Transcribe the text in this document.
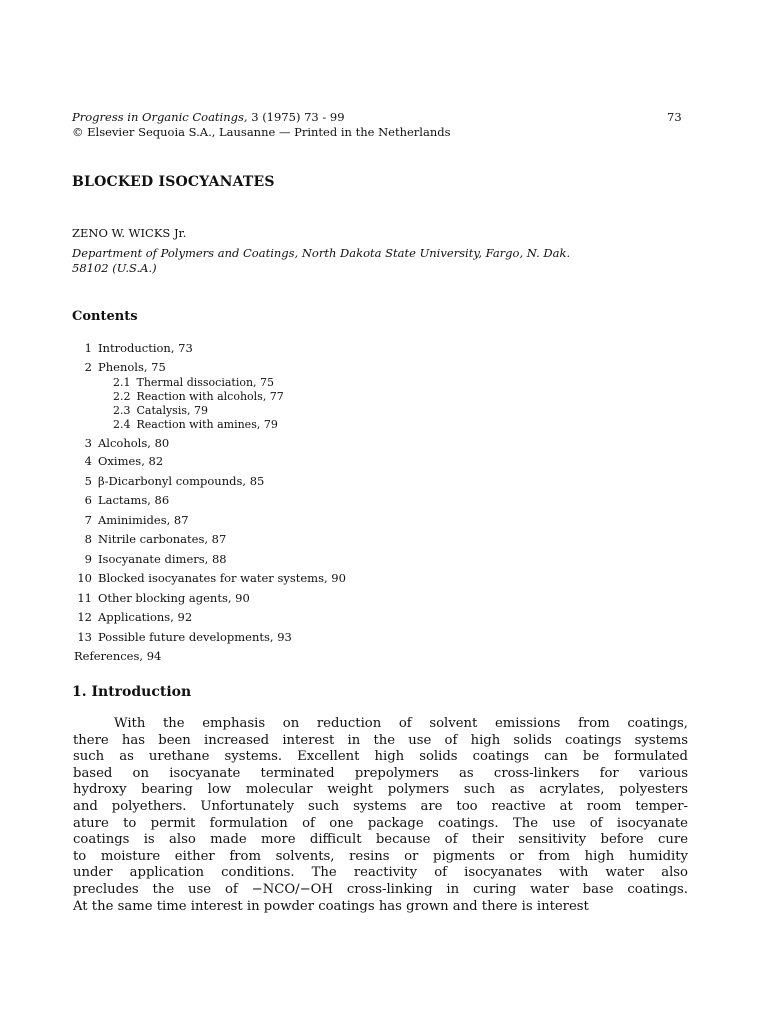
Progress in Organic Coatings, 3 (1975) 73 - 99
© Elsevier Sequoia S.A., Lausanne — Printed in the Netherlands
73
BLOCKED ISOCYANATES
ZENO W. WICKS Jr.
Department of Polymers and Coatings, North Dakota State University, Fargo, N. Dak.
58102 (U.S.A.)
Contents
1 Introduction, 73
2 Phenols, 75
2.1 Thermal dissociation, 75
2.2 Reaction with alcohols, 77
2.3 Catalysis, 79
2.4 Reaction with amines, 79
3 Alcohols, 80
4 Oximes, 82
5 β-Dicarbonyl compounds, 85
6 Lactams, 86
7 Aminimides, 87
8 Nitrile carbonates, 87
9 Isocyanate dimers, 88
10 Blocked isocyanates for water systems, 90
11 Other blocking agents, 90
12 Applications, 92
13 Possible future developments, 93
References, 94
1. Introduction
With the emphasis on reduction of solvent emissions from coatings,
there has been increased interest in the use of high solids coatings systems
such as urethane systems. Excellent high solids coatings can be formulated
based on isocyanate terminated prepolymers as cross-linkers for various
hydroxy bearing low molecular weight polymers such as acrylates, polyesters
and polyethers. Unfortunately such systems are too reactive at room temper-
ature to permit formulation of one package coatings. The use of isocyanate
coatings is also made more difficult because of their sensitivity before cure
to moisture either from solvents, resins or pigments or from high humidity
under application conditions. The reactivity of isocyanates with water also
precludes the use of −NCO/−OH cross-linking in curing water base coatings.
At the same time interest in powder coatings has grown and there is interest
